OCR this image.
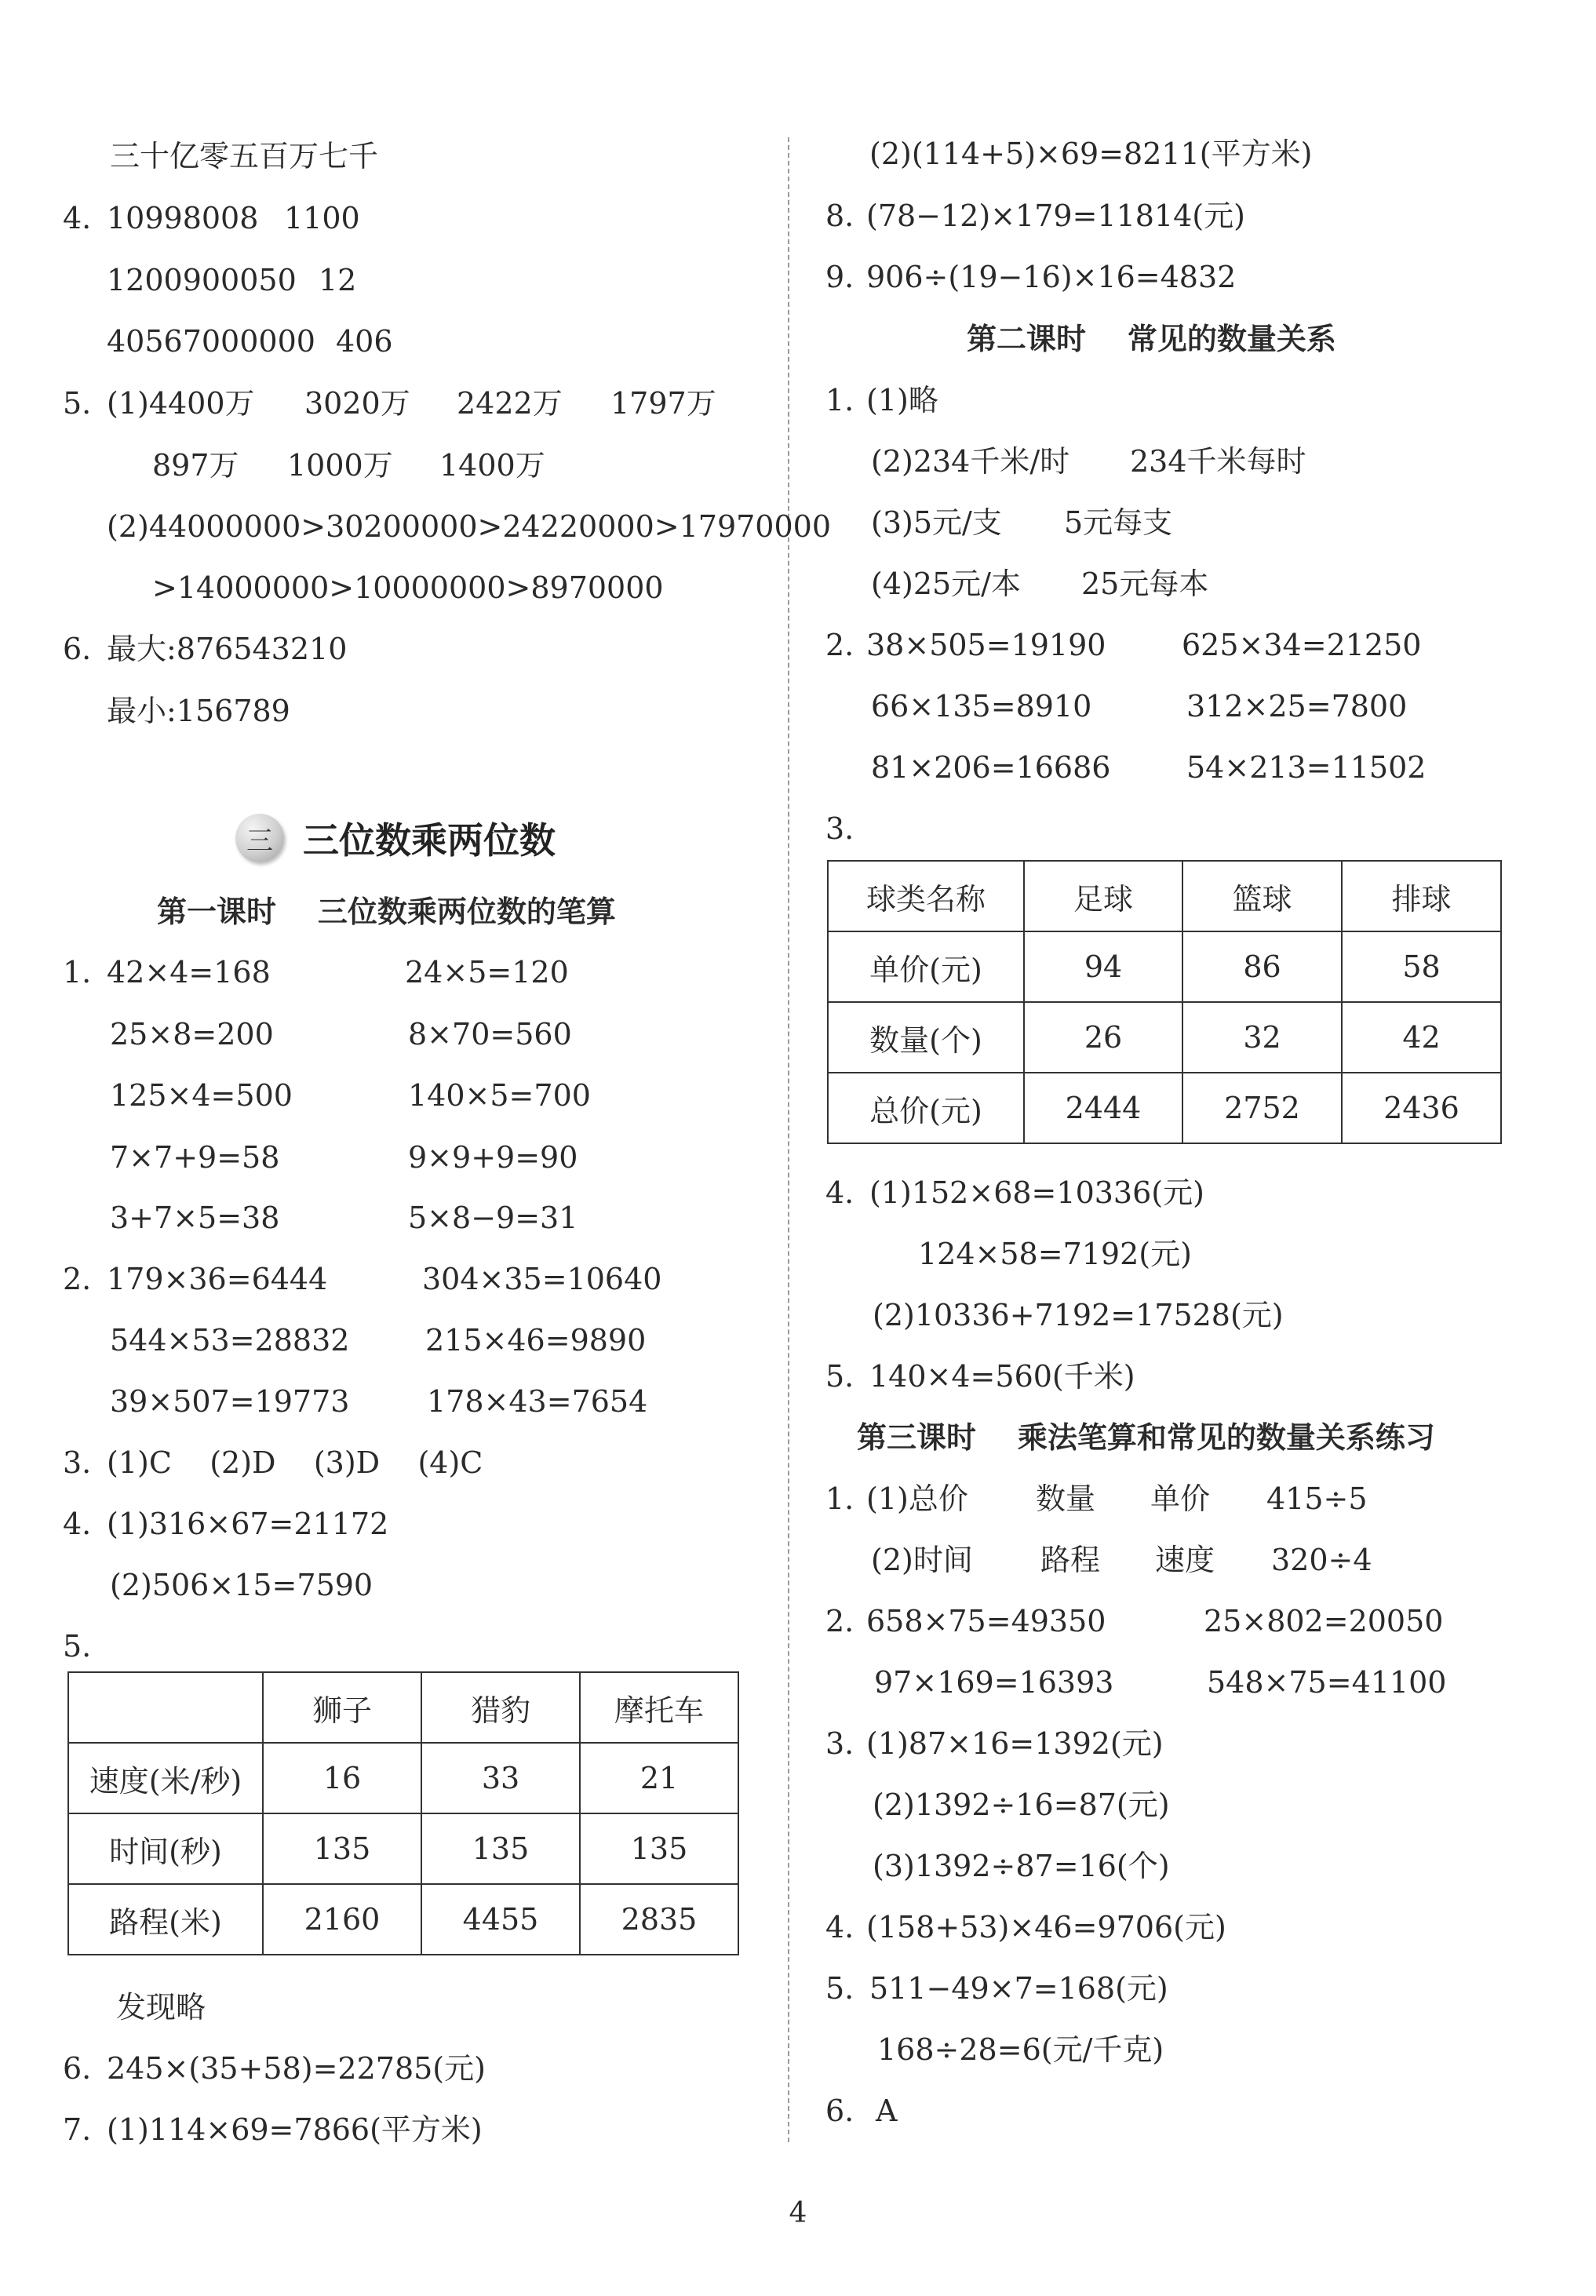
三十亿零五百万七千
4. 10998008 1100
1200900050 12
40567000000 406
5. (1)4400万 3020万 2422万 1797万
897万 1000万 1400万
(2)44000000>30200000>24220000>17970000
>14000000>10000000>8970000
6. 最大:876543210
最小:156789
三 三位数乘两位数
第一课时    三位数乘两位数的笔算
1. 42×4=168	24×5=120
25×8=200	8×70=560
125×4=500	140×5=700
7×7+9=58	9×9+9=90
3+7×5=38	5×8−9=31
2. 179×36=6444	304×35=10640
544×53=28832	215×46=9890
39×507=19773	178×43=7654
3. (1)C    (2)D    (3)D    (4)C
4. (1)316×67=21172
(2)506×15=7590
5.
	狮子	猎豹	摩托车
速度(米/秒)	16	33	21
时间(秒)	135	135	135
路程(米)	2160	4455	2835
发现略
6. 245×(35+58)=22785(元)
7. (1)114×69=7866(平方米)
(2)(114+5)×69=8211(平方米)
8. (78−12)×179=11814(元)
9. 906÷(19−16)×16=4832
第二课时    常见的数量关系
1. (1)略
(2)234千米/时 234千米每时
(3)5元/支 5元每支
(4)25元/本 25元每本
2. 38×505=19190	625×34=21250
66×135=8910	312×25=7800
81×206=16686	54×213=11502
3.
球类名称	足球	篮球	排球
单价(元)	94	86	58
数量(个)	26	32	42
总价(元)	2444	2752	2436
4. (1)152×68=10336(元)
124×58=7192(元)
(2)10336+7192=17528(元)
5. 140×4=560(千米)
第三课时    乘法笔算和常见的数量关系练习
1. (1)总价 数量 单价 415÷5
(2)时间 路程 速度 320÷4
2. 658×75=49350	25×802=20050
97×169=16393	548×75=41100
3. (1)87×16=1392(元)
(2)1392÷16=87(元)
(3)1392÷87=16(个)
4. (158+53)×46=9706(元)
5. 511−49×7=168(元)
168÷28=6(元/千克)
6. A
4
